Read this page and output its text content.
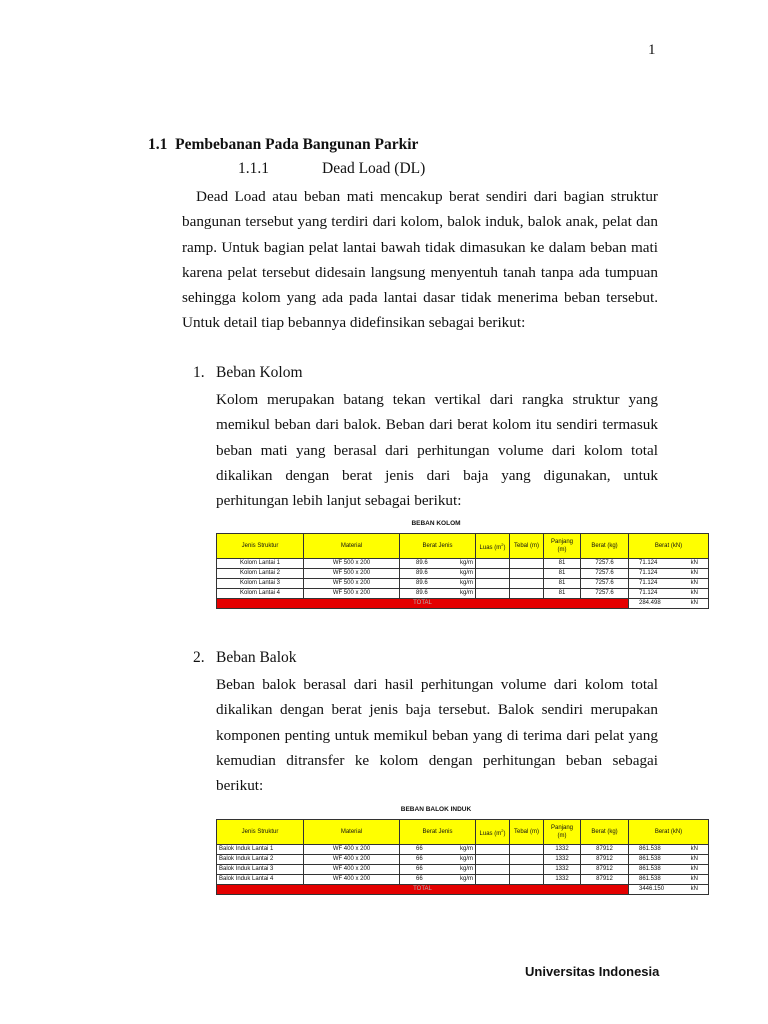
1
1.1 Pembebanan Pada Bangunan Parkir
1.1.1	Dead Load (DL)

Dead Load atau beban mati mencakup berat sendiri dari bagian struktur bangunan tersebut yang terdiri dari kolom, balok induk, balok anak, pelat dan ramp. Untuk bagian pelat lantai bawah tidak dimasukan ke dalam beban mati karena pelat tersebut didesain langsung menyentuh tanah tanpa ada tumpuan sehingga kolom yang ada pada lantai dasar tidak menerima beban tersebut. Untuk detail tiap bebannya didefinsikan sebagai berikut:

1. Beban Kolom

Kolom merupakan batang tekan vertikal dari rangka struktur yang memikul beban dari balok. Beban dari berat kolom itu sendiri termasuk beban mati yang berasal dari perhitungan volume dari kolom total dikalikan dengan berat jenis dari baja yang digunakan, untuk perhitungan lebih lanjut sebagai berikut:

BEBAN KOLOM
Jenis Struktur	Material	Berat Jenis	Luas $(m^2)$	Tebal (m)	Panjang (m)	Berat (kg)	Berat (kN)
Kolom Lantai 1	WF 500 x 200	89.6 kg/m			81	7257.6	71.124 kN

Kolom Lantai 2	WF 500 x 200	89.6 kg/m			81	7257.6	71.124 kN

Kolom Lantai 3	WF 500 x 200	89.6 kg/m			81	7257.6	71.124 kN

Kolom Lantai 4	WF 500 x 200	89.6 kg/m			81	7257.6	71.124 kN

TOTAL							284.498 kN
2. Beban Balok

Beban balok berasal dari hasil perhitungan volume dari kolom total dikalikan dengan berat jenis baja tersebut. Balok sendiri merupakan komponen penting untuk memikul beban yang di terima dari pelat yang kemudian ditransfer ke kolom dengan perhitungan beban sebagai berikut:

BEBAN BALOK INDUK
Jenis Struktur	Material	Berat Jenis	Luas $(m^2)$	Tebal (m)	Panjang (m)	Berat (kg)	Berat (kN)
Balok Induk Lantai 1	WF 400 x 200	66 kg/m			1332	87912	861.538 kN

Balok Induk Lantai 2	WF 400 x 200	66 kg/m			1332	87912	861.538 kN

Balok Induk Lantai 3	WF 400 x 200	66 kg/m			1332	87912	861.538 kN

Balok Induk Lantai 4	WF 400 x 200	66 kg/m			1332	87912	861.538 kN

TOTAL							3446.150 kN
Universitas Indonesia
